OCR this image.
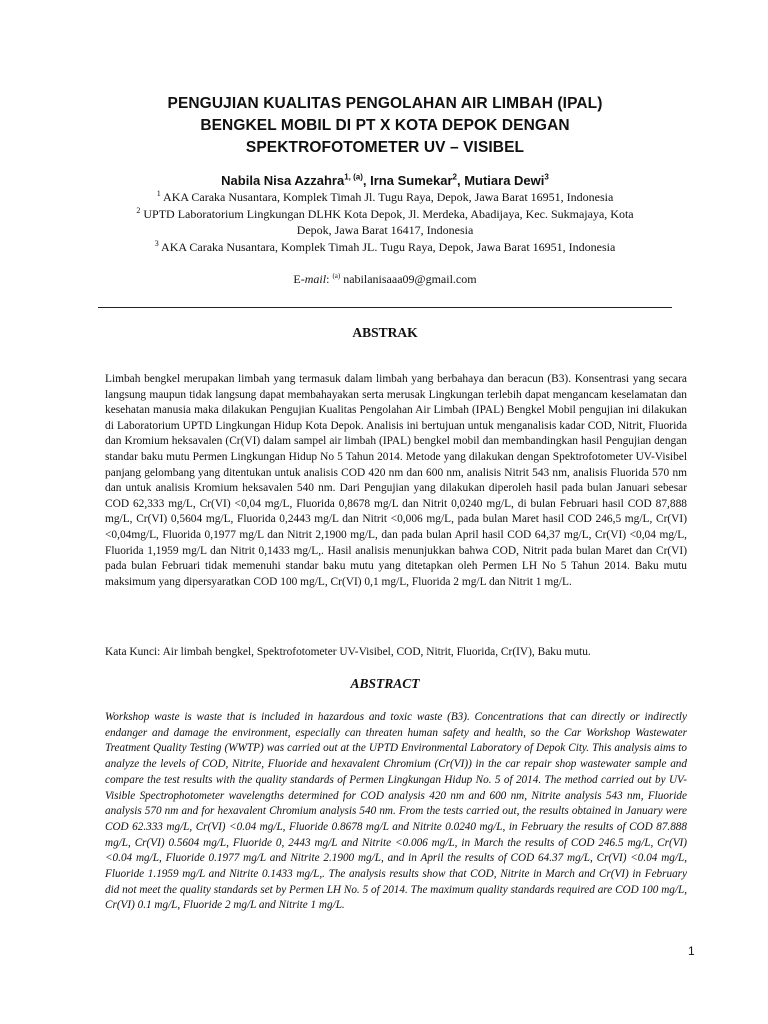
PENGUJIAN KUALITAS PENGOLAHAN AIR LIMBAH (IPAL)
BENGKEL MOBIL DI PT X KOTA DEPOK DENGAN
SPEKTROFOTOMETER UV – VISIBEL
Nabila Nisa Azzahra$^{1, (a)}$, Irna Sumekar$^2$, Mutiara Dewi$^3$
$^1$ AKA Caraka Nusantara, Komplek Timah Jl. Tugu Raya, Depok, Jawa Barat 16951, Indonesia
$^2$ UPTD Laboratorium Lingkungan DLHK Kota Depok, Jl. Merdeka, Abadijaya, Kec. Sukmajaya, Kota
Depok, Jawa Barat 16417, Indonesia
$^3$ AKA Caraka Nusantara, Komplek Timah JL. Tugu Raya, Depok, Jawa Barat 16951, Indonesia
E-mail: $^{(a)}$ nabilanisaaa09@gmail.com
ABSTRAK

Limbah bengkel merupakan limbah yang termasuk dalam limbah yang berbahaya dan beracun (B3). Konsentrasi yang secara langsung maupun tidak langsung dapat membahayakan serta merusak Lingkungan terlebih dapat mengancam keselamatan dan kesehatan manusia maka dilakukan Pengujian Kualitas Pengolahan Air Limbah (IPAL) Bengkel Mobil pengujian ini dilakukan di Laboratorium UPTD Lingkungan Hidup Kota Depok. Analisis ini bertujuan untuk menganalisis kadar COD, Nitrit, Fluorida dan Kromium heksavalen (Cr(VI) dalam sampel air limbah (IPAL) bengkel mobil dan membandingkan hasil Pengujian dengan standar baku mutu Permen Lingkungan Hidup No 5 Tahun 2014. Metode yang dilakukan dengan Spektrofotometer UV-Visibel panjang gelombang yang ditentukan untuk analisis COD 420 nm dan 600 nm, analisis Nitrit 543 nm, analisis Fluorida 570 nm dan untuk analisis Kromium heksavalen 540 nm. Dari Pengujian yang dilakukan diperoleh hasil pada bulan Januari sebesar COD 62,333 mg/L, Cr(VI) <0,04 mg/L, Fluorida 0,8678 mg/L dan Nitrit 0,0240 mg/L, di bulan Februari hasil COD 87,888 mg/L, Cr(VI) 0,5604 mg/L, Fluorida 0,2443 mg/L dan Nitrit <0,006 mg/L, pada bulan Maret hasil COD 246,5 mg/L, Cr(VI) <0,04mg/L, Fluorida 0,1977 mg/L dan Nitrit 2,1900 mg/L, dan pada bulan April hasil COD 64,37 mg/L, Cr(VI) <0,04 mg/L, Fluorida 1,1959 mg/L dan Nitrit 0,1433 mg/L,. Hasil analisis menunjukkan bahwa COD, Nitrit pada bulan Maret dan Cr(VI) pada bulan Februari tidak memenuhi standar baku mutu yang ditetapkan oleh Permen LH No 5 Tahun 2014. Baku mutu maksimum yang dipersyaratkan COD 100 mg/L, Cr(VI) 0,1 mg/L, Fluorida 2 mg/L dan Nitrit 1 mg/L.

Kata Kunci: Air limbah bengkel, Spektrofotometer UV-Visibel, COD, Nitrit, Fluorida, Cr(IV), Baku mutu.
ABSTRACT

Workshop waste is waste that is included in hazardous and toxic waste (B3). Concentrations that can directly or indirectly endanger and damage the environment, especially can threaten human safety and health, so the Car Workshop Wastewater Treatment Quality Testing (WWTP) was carried out at the UPTD Environmental Laboratory of Depok City. This analysis aims to analyze the levels of COD, Nitrite, Fluoride and hexavalent Chromium (Cr(VI)) in the car repair shop wastewater sample and compare the test results with the quality standards of Permen Lingkungan Hidup No. 5 of 2014. The method carried out by UV-Visible Spectrophotometer wavelengths determined for COD analysis 420 nm and 600 nm, Nitrite analysis 543 nm, Fluoride analysis 570 nm and for hexavalent Chromium analysis 540 nm. From the tests carried out, the results obtained in January were COD 62.333 mg/L, Cr(VI) <0.04 mg/L, Fluoride 0.8678 mg/L and Nitrite 0.0240 mg/L, in February the results of COD 87.888 mg/L, Cr(VI) 0.5604 mg/L, Fluoride 0, 2443 mg/L and Nitrite <0.006 mg/L, in March the results of COD 246.5 mg/L, Cr(VI) <0.04 mg/L, Fluoride 0.1977 mg/L and Nitrite 2.1900 mg/L, and in April the results of COD 64.37 mg/L, Cr(VI) <0.04 mg/L, Fluoride 1.1959 mg/L and Nitrite 0.1433 mg/L,. The analysis results show that COD, Nitrite in March and Cr(VI) in February did not meet the quality standards set by Permen LH No. 5 of 2014. The maximum quality standards required are COD 100 mg/L, Cr(VI) 0.1 mg/L, Fluoride 2 mg/L and Nitrite 1 mg/L.

1
